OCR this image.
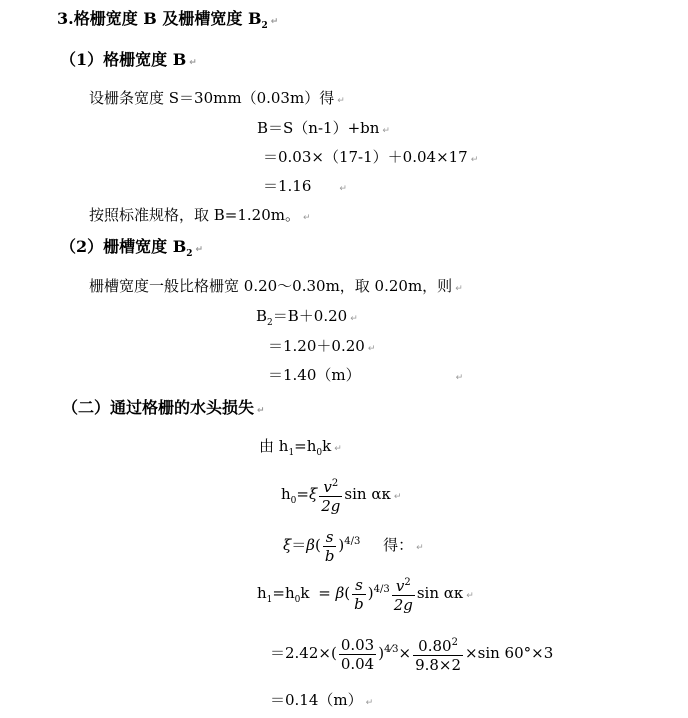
3.格栅宽度 B 及栅槽宽度 $B_2$ ↵
（1）格栅宽度 B ↵
设栅条宽度 S＝30mm（0.03m）得 ↵
B＝S（n-1）+bn ↵
＝0.03×（17-1）＋0.04×17 ↵
＝1.16	↵
按照标准规格，取 B=1.20m。 ↵
（2）栅槽宽度 $B_2$ ↵
栅槽宽度一般比格栅宽 0.20～0.30m，取 0.20m，则 ↵
$B_2=B+0.20$ ↵
＝1.20＋0.20 ↵
＝1.40（m）	↵
（二）通过格栅的水头损失 ↵
由 $h_1=h_0k$ ↵
$h_0=\xi \frac{v^2}{2g}$ sin ακ ↵
$\xi=\beta( \frac{s}{b} )^{4/3}$ 得： ↵
$h_1=h_0k = \beta( \frac{s}{b} )^{4/3} \frac{v^2}{2g}$ sin ακ ↵
$=2.42\times( \frac{0.03}{0.04} )^{4⁄3}\times \frac{0.80^2}{9.8\times 2} \times\sin$ 60°×3
＝0.14（m） ↵
